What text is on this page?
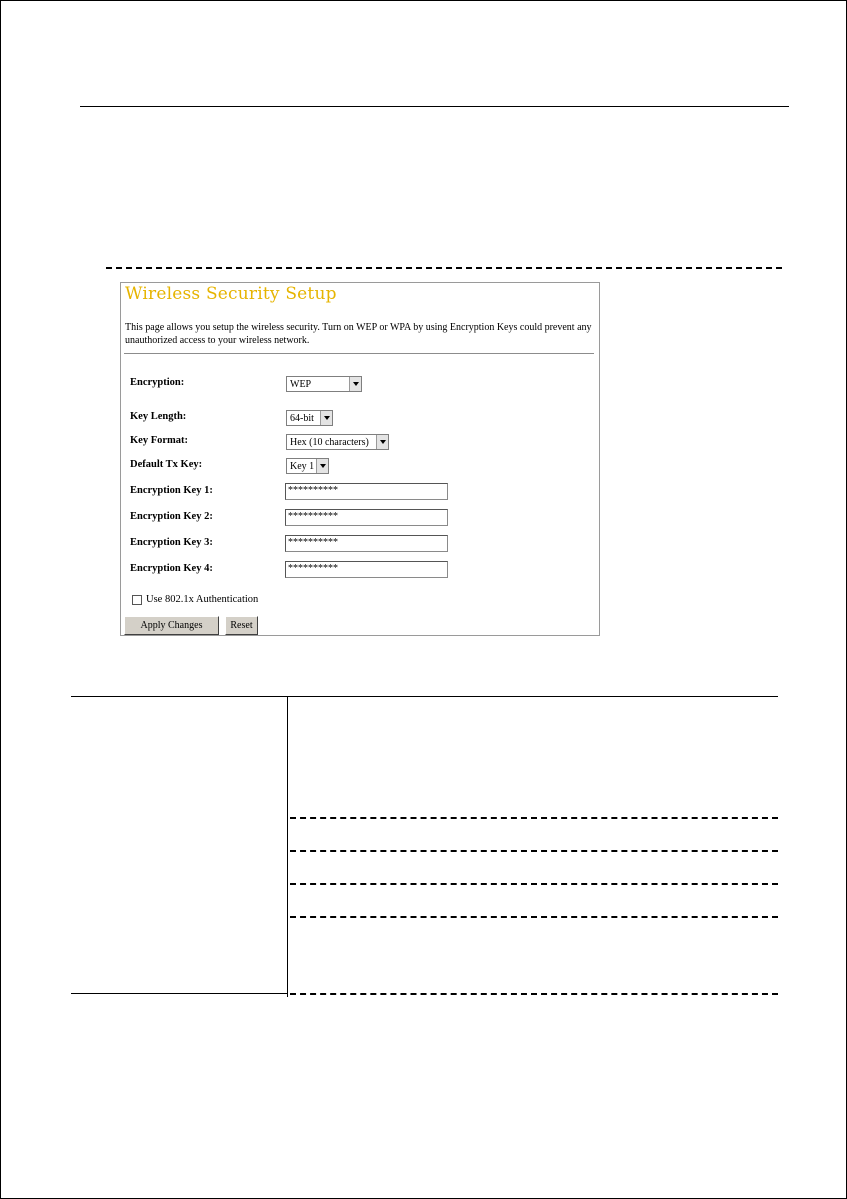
Wireless Security Setup

This page allows you setup the wireless security. Turn on WEP or WPA by using Encryption Keys could prevent any unauthorized access to your wireless network.

Encryption:	WEP
Key Length:	64-bit
Key Format:	Hex (10 characters)
Default Tx Key:	Key 1
Encryption Key 1:	**********
Encryption Key 2:	**********
Encryption Key 3:	**********
Encryption Key 4:	**********
Use 802.1x Authentication
Apply Changes	Reset
